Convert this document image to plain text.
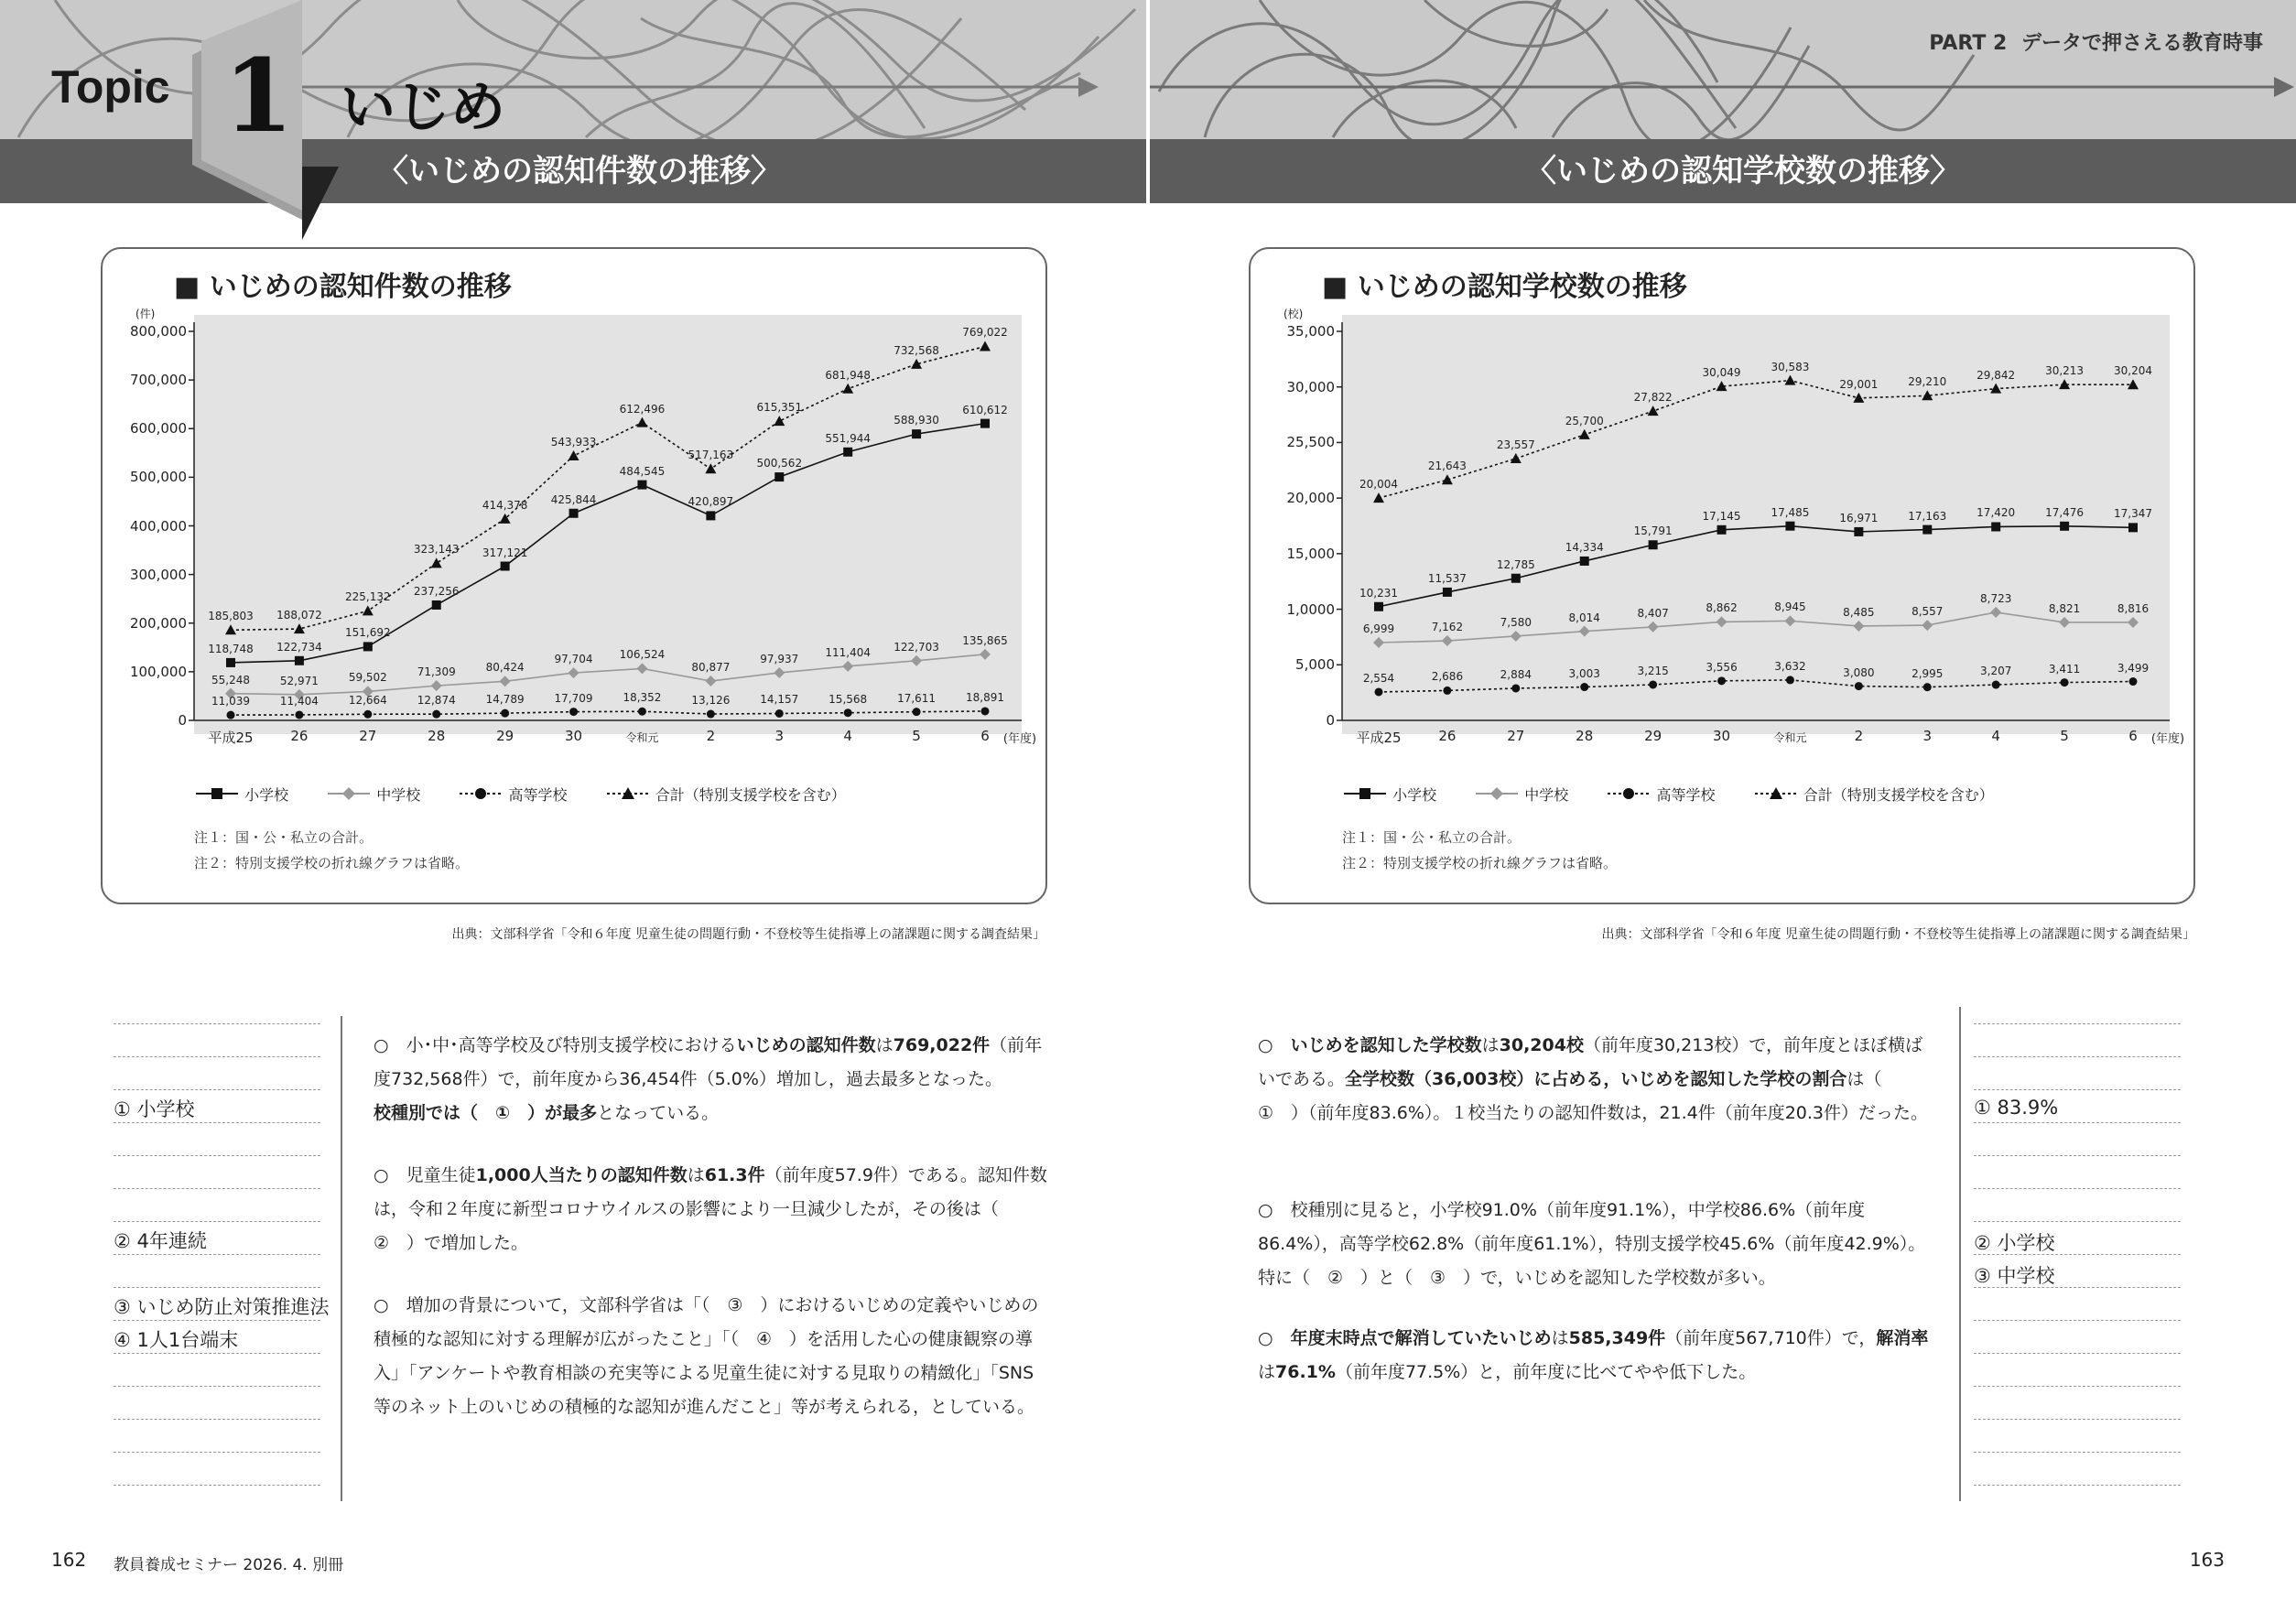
PART 2 データで押さえる教育時事
〈いじめの認知件数の推移〉	〈いじめの認知学校数の推移〉
Topic 1 いじめ
■ いじめの認知件数の推移
小学校	中学校	高等学校	合計（特別支援学校を含む）
注１：国・公・私立の合計。
注２：特別支援学校の折れ線グラフは省略。
800,000
700,000
600,000
500,000
400,000
300,000
200,000
100,000
0
(件)
平成25	26	27	28	29	30	令和元	2	3	4	5	6 (年度)
118,748 122,734
151,692
237,256
317,121
425,844
484,545
420,897
500,562
551,944
588,930
610,612
55,248	52,971	59,502	71,309	80,424
97,704 106,524
80,877
97,937
111,404 122,703 135,865
11,039	11,404	12,664	12,874	14,789	17,709	18,352	13,126	14,157	15,568	17,611	18,891
185,803 188,072
225,132
323,143
414,378
543,933
612,496
517,163
615,351
681,948
732,568
769,022
出典：文部科学省「令和６年度 児童生徒の問題行動・不登校等生徒指導上の諸課題に関する調査結果」
■ いじめの認知学校数の推移
小学校	中学校	高等学校	合計（特別支援学校を含む）
注１：国・公・私立の合計。
注２：特別支援学校の折れ線グラフは省略。
35,000
30,000
25,500
20,000
15,000
1,0000
5,000
0
(校)
平成25	26	27	28	29	30	令和元	2	3	4	5	6 (年度)
10,231
11,537
12,785
14,334
15,791
17,145	17,485	16,971	17,163	17,420	17,476	17,347
6,999	7,162	7,580	8,014	8,407	8,862	8,945	8,485	8,557
8,723
8,821	8,816
2,554	2,686	2,884	3,003	3,215	3,556	3,632	3,080	2,995	3,207	3,411	3,499
20,004
21,643
23,557
25,700
27,822
30,049	30,583
29,001	29,210
29,842	30,213	30,204
出典：文部科学省「令和６年度 児童生徒の問題行動・不登校等生徒指導上の諸課題に関する調査結果」
① 小学校
② 4年連続
③ いじめ防止対策推進法
④ 1人1台端末
○　小･中･高等学校及び特別支援学校におけるいじめの認知件数は769,022件（前年度732,568件）で，前年度から36,454件（5.0%）増加し，過去最多となった。
校種別では（　①　）が最多となっている。
○　児童生徒1,000人当たりの認知件数は61.3件（前年度57.9件）である。認知件数は，令和２年度に新型コロナウイルスの影響により一旦減少したが，その後は（　②　）で増加した。
○　増加の背景について，文部科学省は「（　③　）におけるいじめの定義やいじめの積極的な認知に対する理解が広がったこと」「（　④　）を活用した心の健康観察の導入」「アンケートや教育相談の充実等による児童生徒に対する見取りの精緻化」「SNS等のネット上のいじめの積極的な認知が進んだこと」等が考えられる，としている。
○　いじめを認知した学校数は30,204校（前年度30,213校）で，前年度とほぼ横ばいである。全学校数（36,003校）に占める，いじめを認知した学校の割合は（　①　）（前年度83.6%）。１校当たりの認知件数は，21.4件（前年度20.3件）だった。
○　校種別に見ると，小学校91.0%（前年度91.1%），中学校86.6%（前年度86.4%），高等学校62.8%（前年度61.1%），特別支援学校45.6%（前年度42.9%）。特に（　②　）と（　③　）で，いじめを認知した学校数が多い。
○　年度末時点で解消していたいじめは585,349件（前年度567,710件）で，解消率は76.1%（前年度77.5%）と，前年度に比べてやや低下した。
① 83.9%
② 小学校
③ 中学校
162 教員養成セミナー 2026. 4. 別冊	163
